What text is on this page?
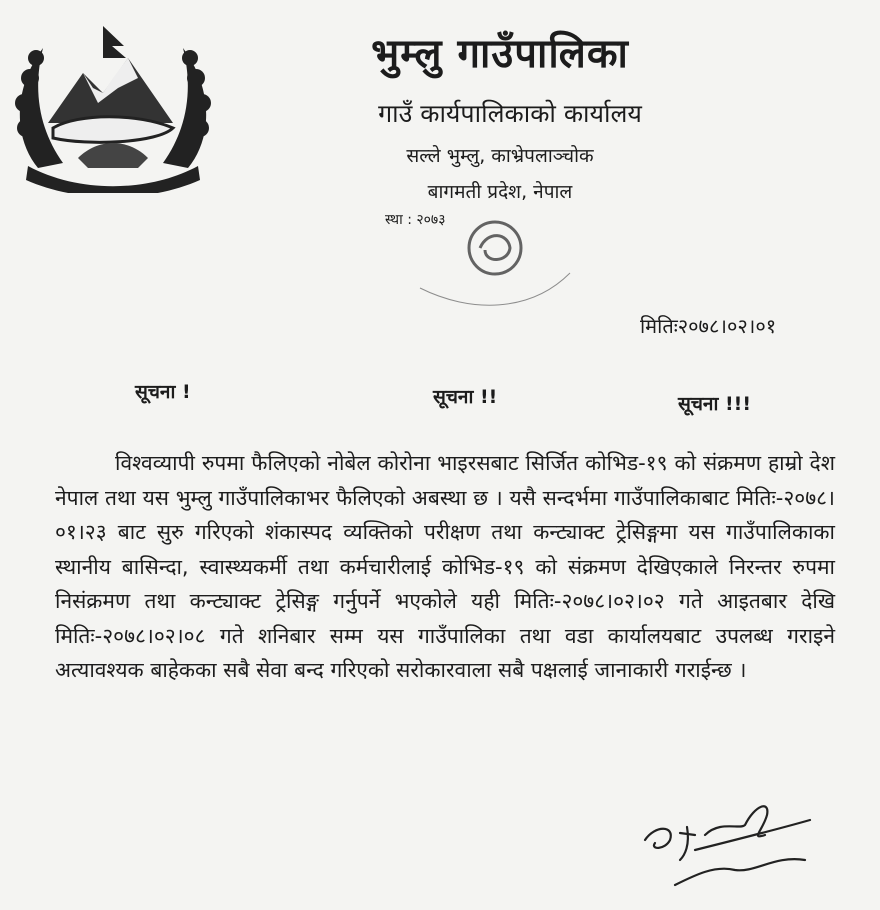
भुम्लु गाउँपालिका
गाउँ कार्यपालिकाको कार्यालय
सल्ले भुम्लु, काभ्रेपलाञ्चोक
बागमती प्रदेश, नेपाल
स्था : २०७३
मितिः२०७८।०२।०१
सूचना !	सूचना !!	सूचना !!!
विश्वव्यापी रुपमा फैलिएको नोबेल कोरोना भाइरसबाट सिर्जित कोभिड-१९ को संक्रमण हाम्रो देश नेपाल तथा यस भुम्लु गाउँपालिकाभर फैलिएको अबस्था छ । यसै सन्दर्भमा गाउँपालिकाबाट मितिः-२०७८।०१।२३ बाट सुरु गरिएको शंकास्पद व्यक्तिको परीक्षण तथा कन्ट्याक्ट ट्रेसिङ्गमा यस गाउँपालिकाका स्थानीय बासिन्दा, स्वास्थ्यकर्मी तथा कर्मचारीलाई कोभिड-१९ को संक्रमण देखिएकाले निरन्तर रुपमा निसंक्रमण तथा कन्ट्याक्ट ट्रेसिङ्ग गर्नुपर्ने भएकोले यही मितिः-२०७८।०२।०२ गते आइतबार देखि मितिः-२०७८।०२।०८ गते शनिबार सम्म यस गाउँपालिका तथा वडा कार्यालयबाट उपलब्ध गराइने अत्यावश्यक बाहेकका सबै सेवा बन्द गरिएको सरोकारवाला सबै पक्षलाई जानाकारी गराईन्छ ।
